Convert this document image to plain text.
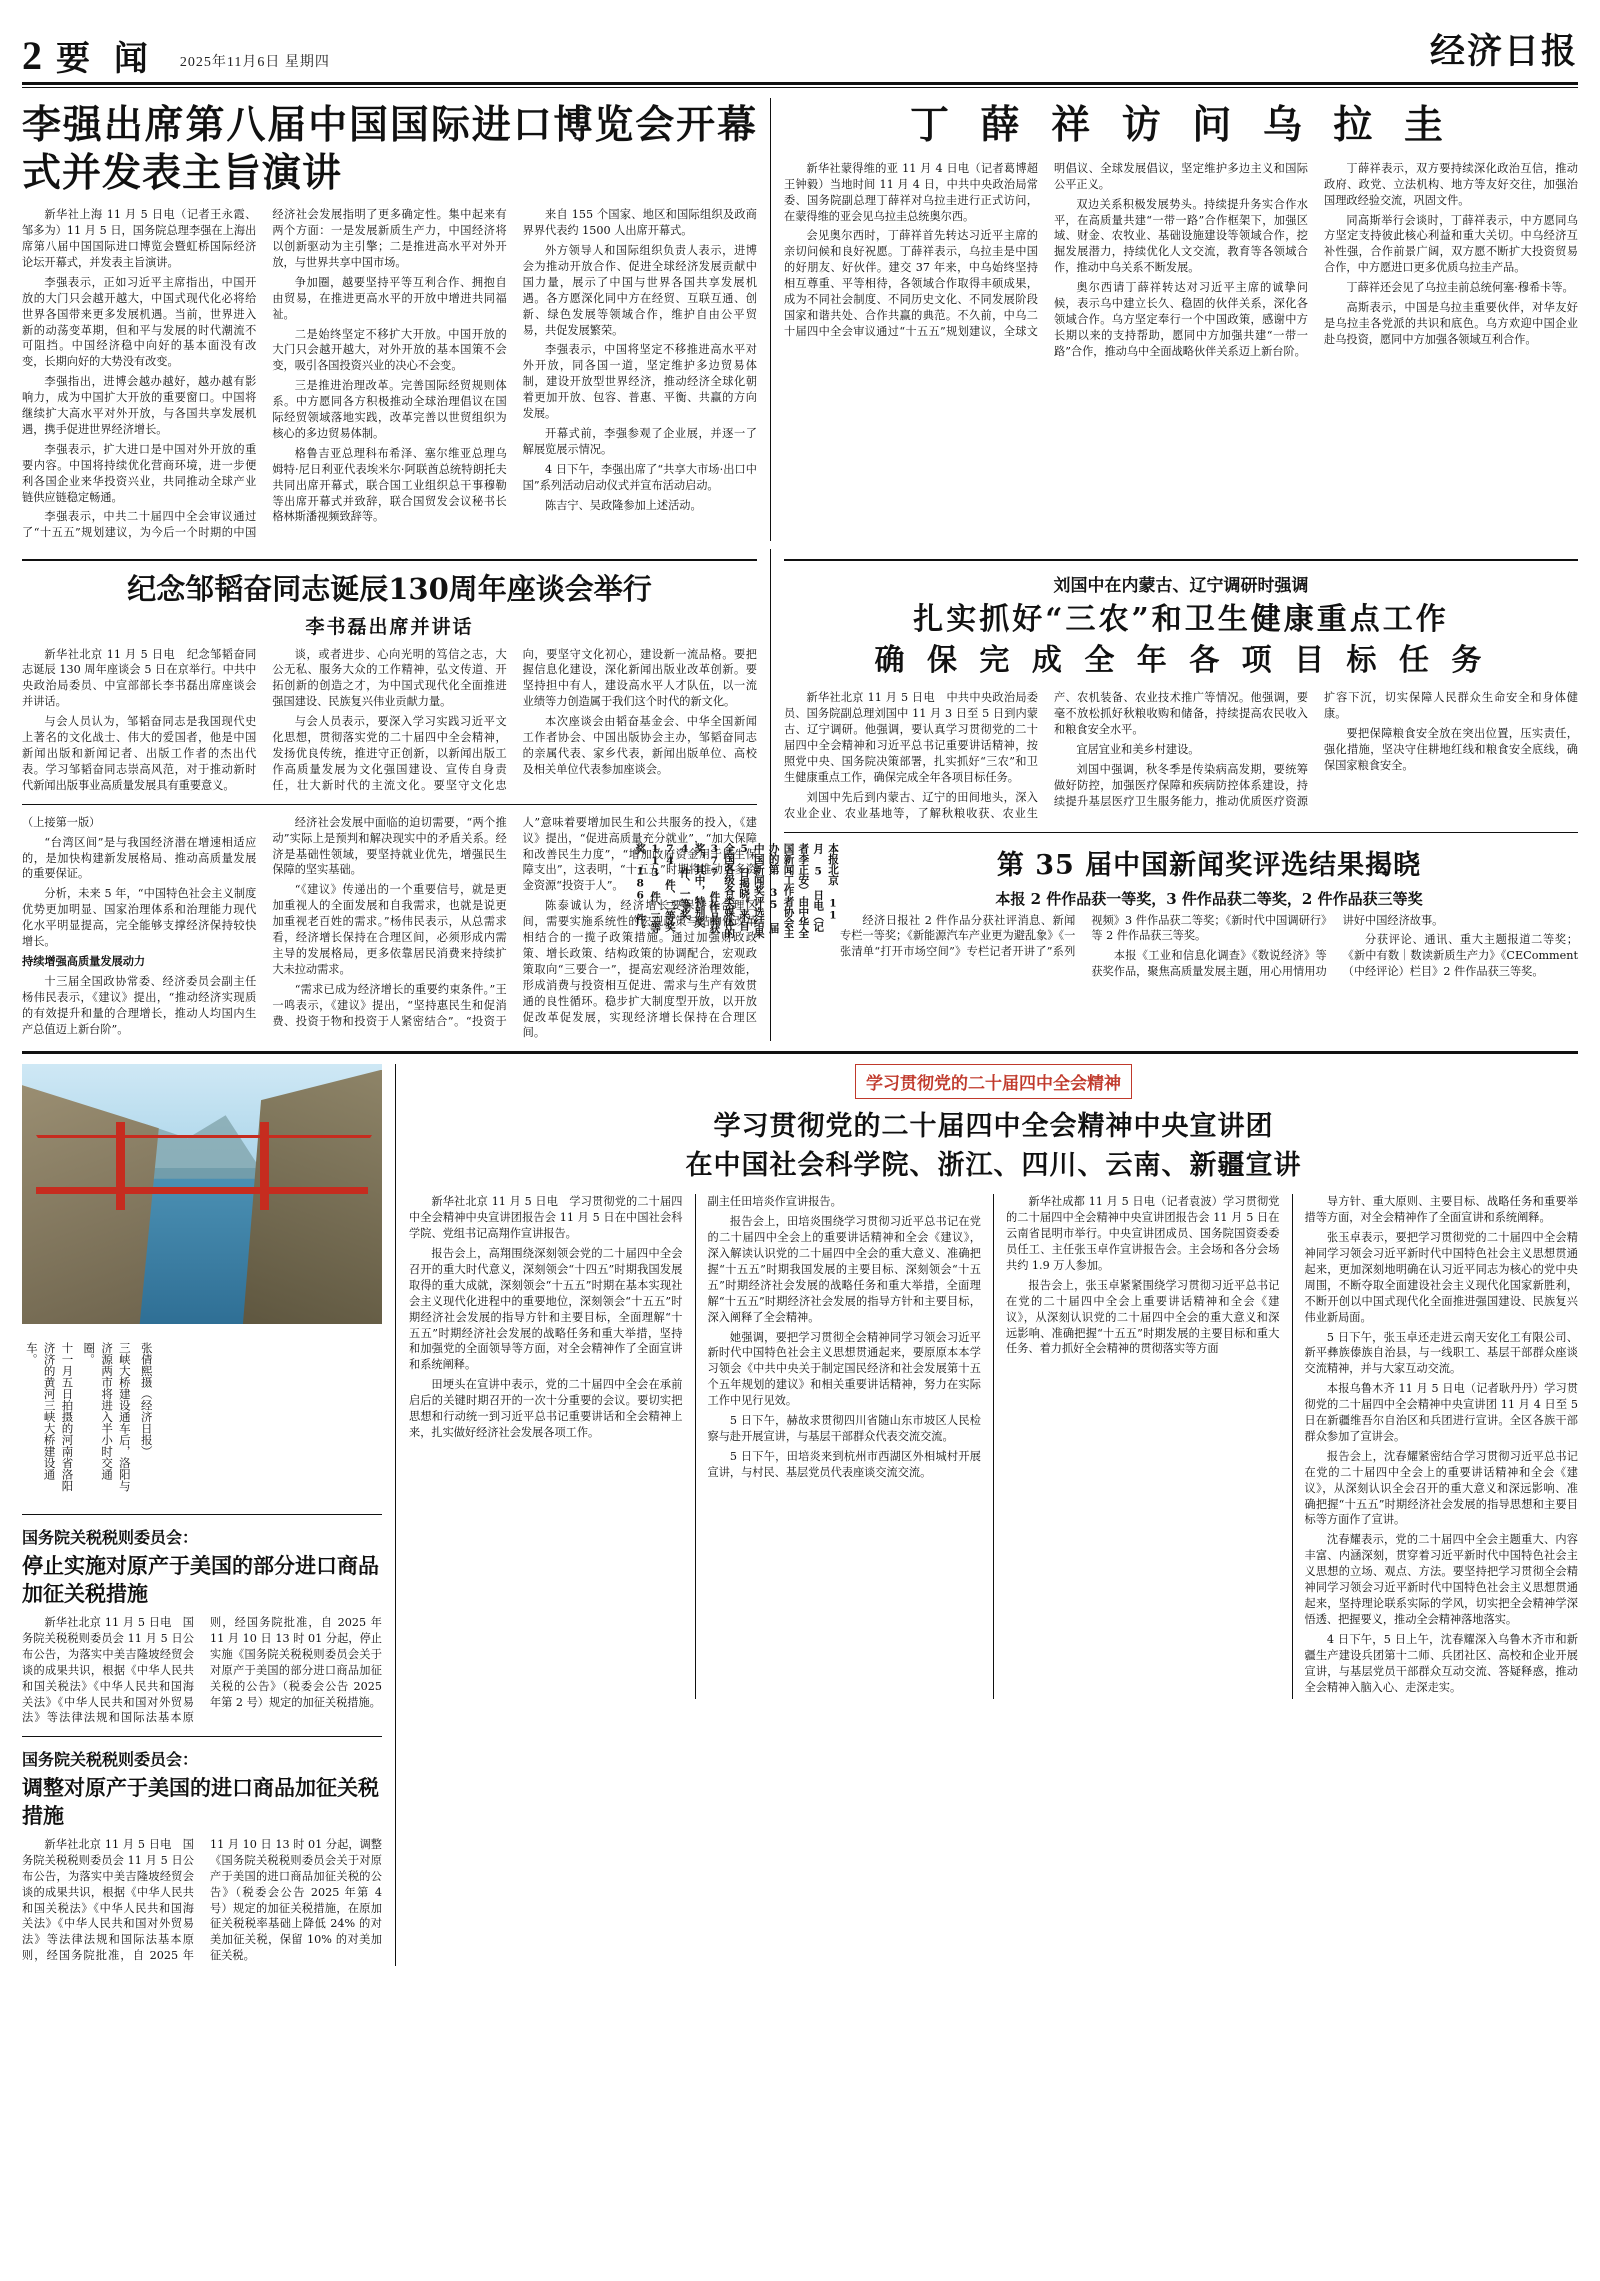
2 要 闻 2025年11月6日 星期四	经济日报
李强出席第八届中国国际进口博览会开幕式并发表主旨演讲

新华社上海 11 月 5 日电（记者王永霞、邹多为）11 月 5 日，国务院总理李强在上海出席第八届中国国际进口博览会暨虹桥国际经济论坛开幕式，并发表主旨演讲。

李强表示，正如习近平主席指出，中国开放的大门只会越开越大，中国式现代化必将给世界各国带来更多发展机遇。当前，世界进入新的动荡变革期，但和平与发展的时代潮流不可阻挡。中国经济稳中向好的基本面没有改变，长期向好的大势没有改变。

李强指出，进博会越办越好，越办越有影响力，成为中国扩大开放的重要窗口。中国将继续扩大高水平对外开放，与各国共享发展机遇，携手促进世界经济增长。

李强表示，扩大进口是中国对外开放的重要内容。中国将持续优化营商环境，进一步便利各国企业来华投资兴业，共同推动全球产业链供应链稳定畅通。

李强表示，中共二十届四中全会审议通过了“十五五”规划建议，为今后一个时期的中国经济社会发展指明了更多确定性。集中起来有两个方面：一是发展新质生产力，中国经济将以创新驱动为主引擎；二是推进高水平对外开放，与世界共享中国市场。

争加圈，越要坚持平等互利合作、拥抱自由贸易，在推进更高水平的开放中增进共同福祉。

二是始终坚定不移扩大开放。中国开放的大门只会越开越大，对外开放的基本国策不会变，吸引各国投资兴业的决心不会变。

三是推进治理改革。完善国际经贸规则体系。中方愿同各方积极推动全球治理倡议在国际经贸领域落地实践，改革完善以世贸组织为核心的多边贸易体制。

格鲁吉亚总理科布希泽、塞尔维亚总理乌姆特·尼日利亚代表埃米尔·阿联酋总统特朗托夫共同出席开幕式，联合国工业组织总干事穆勒等出席开幕式并致辞，联合国贸发会议秘书长格林斯潘视频致辞等。

来自 155 个国家、地区和国际组织及政商界界代表约 1500 人出席开幕式。

外方领导人和国际组织负责人表示，进博会为推动开放合作、促进全球经济发展贡献中国力量，展示了中国与世界各国共享发展机遇。各方愿深化同中方在经贸、互联互通、创新、绿色发展等领域合作，维护自由公平贸易，共促发展繁荣。

李强表示，中国将坚定不移推进高水平对外开放，同各国一道，坚定维护多边贸易体制，建设开放型世界经济，推动经济全球化朝着更加开放、包容、普惠、平衡、共赢的方向发展。

开幕式前，李强参观了企业展，并逐一了解展览展示情况。

4 日下午，李强出席了“共享大市场·出口中国”系列活动启动仪式并宣布活动启动。

陈吉宁、吴政隆参加上述活动。

丁 薛 祥 访 问 乌 拉 圭

新华社蒙得维的亚 11 月 4 日电（记者葛博超　王钟毅）当地时间 11 月 4 日，中共中央政治局常委、国务院副总理丁薛祥对乌拉圭进行正式访问，在蒙得维的亚会见乌拉圭总统奥尔西。

会见奥尔西时，丁薛祥首先转达习近平主席的亲切问候和良好祝愿。丁薛祥表示，乌拉圭是中国的好朋友、好伙伴。建交 37 年来，中乌始终坚持相互尊重、平等相待，各领域合作取得丰硕成果，成为不同社会制度、不同历史文化、不同发展阶段国家和谐共处、合作共赢的典范。不久前，中乌二十届四中全会审议通过“十五五”规划建议，全球文明倡议、全球发展倡议，坚定维护多边主义和国际公平正义。

双边关系积极发展势头。持续提升务实合作水平，在高质量共建“一带一路”合作框架下，加强区域、财金、农牧业、基础设施建设等领域合作，挖掘发展潜力，持续优化人文交流，教育等各领域合作，推动中乌关系不断发展。

奥尔西请丁薛祥转达对习近平主席的诚挚问候，表示乌中建立长久、稳固的伙伴关系，深化各领域合作。乌方坚定奉行一个中国政策，感谢中方长期以来的支持帮助，愿同中方加强共建“一带一路”合作，推动乌中全面战略伙伴关系迈上新台阶。

丁薛祥表示，双方要持续深化政治互信，推动政府、政党、立法机构、地方等友好交往，加强治国理政经验交流，巩固文件。

同高斯举行会谈时，丁薛祥表示，中方愿同乌方坚定支持彼此核心利益和重大关切。中乌经济互补性强，合作前景广阔，双方愿不断扩大投资贸易合作，中方愿进口更多优质乌拉圭产品。

丁薛祥还会见了乌拉圭前总统何塞·穆希卡等。

高斯表示，中国是乌拉圭重要伙伴，对华友好是乌拉圭各党派的共识和底色。乌方欢迎中国企业赴乌投资，愿同中方加强各领域互利合作。

纪念邹韬奋同志诞辰130周年座谈会举行
李书磊出席并讲话

新华社北京 11 月 5 日电　纪念邹韬奋同志诞辰 130 周年座谈会 5 日在京举行。中共中央政治局委员、中宣部部长李书磊出席座谈会并讲话。

与会人员认为，邹韬奋同志是我国现代史上著名的文化战士、伟大的爱国者，他是中国新闻出版和新闻记者、出版工作者的杰出代表。学习邹韬奋同志崇高风范，对于推动新时代新闻出版事业高质量发展具有重要意义。

谈，或者进步、心向光明的笃信之志，大公无私、服务大众的工作精神，弘文传道、开拓创新的创造之才，为中国式现代化全面推进强国建设、民族复兴伟业贡献力量。

与会人员表示，要深入学习实践习近平文化思想，贯彻落实党的二十届四中全会精神，发扬优良传统，推进守正创新，以新闻出版工作高质量发展为文化强国建设、宣传自身责任，壮大新时代的主流文化。要坚守文化忠向，要坚守文化初心，建设新一流品格。要把握信息化建设，深化新闻出版业改革创新。要坚持担中有人，建设高水平人才队伍，以一流业绩等力创造属于我们这个时代的新文化。

本次座谈会由韬奋基金会、中华全国新闻工作者协会、中国出版协会主办，邹韬奋同志的亲属代表、家乡代表，新闻出版单位、高校及相关单位代表参加座谈会。

（上接第一版）

“台湾区间”是与我国经济潜在增速相适应的，是加快构建新发展格局、推动高质量发展的重要保证。

分析，未来 5 年，“中国特色社会主义制度优势更加明显、国家治理体系和治理能力现代化水平明显提高，完全能够支撑经济保持较快增长。

持续增强高质量发展动力

十三届全国政协常委、经济委员会副主任杨伟民表示，《建议》提出，“推动经济实现质的有效提升和量的合理增长，推动人均国内生产总值迈上新台阶”。

经济社会发展中面临的迫切需要，“两个推动”实际上是预判和解决现实中的矛盾关系。经济是基础性领域，要坚持就业优先，增强民生保障的坚实基础。

“《建议》传递出的一个重要信号，就是更加重视人的全面发展和自我需求，也就是说更加重视老百姓的需求。”杨伟民表示，从总需求看，经济增长保持在合理区间，必须形成内需主导的发展格局，更多依靠居民消费来持续扩大未拉动需求。

“需求已成为经济增长的重要约束条件。”王一鸣表示，《建议》提出，“坚持惠民生和促消费、投资于物和投资于人紧密结合”。“投资于人”意味着要增加民生和公共服务的投入，《建议》提出，“促进高质量充分就业”，“加大保障和改善民生力度”，“增加政府资金用于民生保障支出”，这表明，“十五五”时期将推动更多资金资源“投资于人”。

陈泰诚认为，经济增长要保持在合理区间，需要实施系统性的宏观政策与结构性改革相结合的一揽子政策措施。通过加强财政政策、增长政策、结构政策的协调配合，宏观政策取向“三要合一”，提高宏观经济治理效能，形成消费与投资相互促进、需求与生产有效贯通的良性循环。稳步扩大制度型开放，以开放促改革促发展，实现经济增长保持在合理区间。

刘国中在内蒙古、辽宁调研时强调
扎实抓好“三农”和卫生健康重点工作
确 保 完 成 全 年 各 项 目 标 任 务

新华社北京 11 月 5 日电　中共中央政治局委员、国务院副总理刘国中 11 月 3 日至 5 日到内蒙古、辽宁调研。他强调，要认真学习贯彻党的二十届四中全会精神和习近平总书记重要讲话精神，按照党中央、国务院决策部署，扎实抓好“三农”和卫生健康重点工作，确保完成全年各项目标任务。

刘国中先后到内蒙古、辽宁的田间地头，深入农业企业、农业基地等，了解秋粮收获、农业生产、农机装备、农业技术推广等情况。他强调，要毫不放松抓好秋粮收购和储备，持续提高农民收入和粮食安全水平。

宜居宜业和美乡村建设。

刘国中强调，秋冬季是传染病高发期，要统筹做好防控，加强医疗保障和疾病防控体系建设，持续提升基层医疗卫生服务能力，推动优质医疗资源扩容下沉，切实保障人民群众生命安全和身体健康。

要把保障粮食安全放在突出位置，压实责任，强化措施，坚决守住耕地红线和粮食安全底线，确保国家粮食安全。

本报北京 11 月 5 日电（记者李正安）由中华全国新闻工作者协会主办的第 35 届中国新闻奖评选结果 5 日揭晓。来自全国各级各类媒体的 377 件作品获奖，其中，特别奖 4 件、一等奖 74 件、二等奖 113 件、三等奖 186 件。	第 35 届中国新闻奖评选结果揭晓
本报 2 件作品获一等奖，3 件作品获二等奖，2 件作品获三等奖

经济日报社 2 件作品分获社评消息、新闻专栏一等奖；《新能源汽车产业更为避乱象》《一张清单“打开市场空间”》专栏记者开讲了”系列视频》3 件作品获二等奖；《新时代中国调研行》等 2 件作品获三等奖。

本报《工业和信息化调查》《数说经济》等获奖作品，聚焦高质量发展主题，用心用情用功讲好中国经济故事。

分获评论、通讯、重大主题报道二等奖；《新中有数｜数读新质生产力》《CEComment（中经评论）栏目》2 件作品获三等奖。

十一月五日拍摄的河南省洛阳济济的黄河三峡大桥建设通车。	三峡大桥建设通车后，洛阳与济源两市将进入半小时交通圈。	张倩熙摄（经济日报）
国务院关税税则委员会：
停止实施对原产于美国的部分进口商品加征关税措施

新华社北京 11 月 5 日电　国务院关税税则委员会 11 月 5 日公布公告，为落实中美吉隆坡经贸会谈的成果共识，根据《中华人民共和国关税法》《中华人民共和国海关法》《中华人民共和国对外贸易法》等法律法规和国际法基本原则，经国务院批准，自 2025 年 11 月 10 日 13 时 01 分起，停止实施《国务院关税税则委员会关于对原产于美国的部分进口商品加征关税的公告》（税委会公告 2025 年第 2 号）规定的加征关税措施。

国务院关税税则委员会：
调整对原产于美国的进口商品加征关税措施

新华社北京 11 月 5 日电　国务院关税税则委员会 11 月 5 日公布公告，为落实中美吉隆坡经贸会谈的成果共识，根据《中华人民共和国关税法》《中华人民共和国海关法》《中华人民共和国对外贸易法》等法律法规和国际法基本原则，经国务院批准，自 2025 年 11 月 10 日 13 时 01 分起，调整《国务院关税税则委员会关于对原产于美国的进口商品加征关税的公告》（税委会公告 2025 年第 4 号）规定的加征关税措施，在原加征关税税率基础上降低 24% 的对美加征关税，保留 10% 的对美加征关税。

学习贯彻党的二十届四中全会精神
学习贯彻党的二十届四中全会精神中央宣讲团
在中国社会科学院、浙江、四川、云南、新疆宣讲

新华社北京 11 月 5 日电　学习贯彻党的二十届四中全会精神中央宣讲团报告会 11 月 5 日在中国社会科学院、党组书记高翔作宣讲报告。

报告会上，高翔围绕深刻领会党的二十届四中全会召开的重大时代意义，深刻领会“十四五”时期我国发展取得的重大成就，深刻领会“十五五”时期在基本实现社会主义现代化进程中的重要地位，深刻领会“十五五”时期经济社会发展的指导方针和主要目标，全面理解“十五五”时期经济社会发展的战略任务和重大举措，坚持和加强党的全面领导等方面，对全会精神作了全面宣讲和系统阐释。

田埂头在宣讲中表示，党的二十届四中全会在承前启后的关键时期召开的一次十分重要的会议。要切实把思想和行动统一到习近平总书记重要讲话和全会精神上来，扎实做好经济社会发展各项工作。

副主任田培炎作宣讲报告。

报告会上，田培炎围绕学习贯彻习近平总书记在党的二十届四中全会上的重要讲话精神和全会《建议》，深入解读认识党的二十届四中全会的重大意义、准确把握“十五五”时期我国发展的主要目标、深刻领会“十五五”时期经济社会发展的战略任务和重大举措，全面理解“十五五”时期经济社会发展的指导方针和主要目标，深入阐释了全会精神。

她强调，要把学习贯彻全会精神同学习领会习近平新时代中国特色社会主义思想贯通起来，要原原本本学习领会《中共中央关于制定国民经济和社会发展第十五个五年规划的建议》和相关重要讲话精神，努力在实际工作中见行见效。

5 日下午，赫故求贯彻四川省随山东市坡区人民检察与赴开展宣讲，与基层干部群众代表交流交流。

5 日下午，田培炎来到杭州市西湖区外相城村开展宣讲，与村民、基层党员代表座谈交流交流。

新华社成都 11 月 5 日电（记者袁波）学习贯彻党的二十届四中全会精神中央宣讲团报告会 11 月 5 日在云南省昆明市举行。中央宣讲团成员、国务院国资委委员任工、主任张玉卓作宣讲报告会。主会场和各分会场共约 1.9 万人参加。

报告会上，张玉卓紧紧围绕学习贯彻习近平总书记在党的二十届四中全会上重要讲话精神和全会《建议》，从深刻认识党的二十届四中全会的重大意义和深远影响、准确把握“十五五”时期发展的主要目标和重大任务、着力抓好全会精神的贯彻落实等方面

导方针、重大原则、主要目标、战略任务和重要举措等方面，对全会精神作了全面宣讲和系统阐释。

张玉卓表示，要把学习贯彻党的二十届四中全会精神同学习领会习近平新时代中国特色社会主义思想贯通起来，更加深刻地明确在认习近平同志为核心的党中央周围，不断夺取全面建设社会主义现代化国家新胜利，不断开创以中国式现代化全面推进强国建设、民族复兴伟业新局面。

5 日下午，张玉卓还走进云南天安化工有限公司、新平彝族傣族自治县，与一线职工、基层干部群众座谈交流精神，并与大家互动交流。

本报乌鲁木齐 11 月 5 日电（记者耿丹丹）学习贯彻党的二十届四中全会精神中央宣讲团 11 月 4 日至 5 日在新疆维吾尔自治区和兵团进行宣讲。全区各族干部群众参加了宣讲会。

报告会上，沈春耀紧密结合学习贯彻习近平总书记在党的二十届四中全会上的重要讲话精神和全会《建议》，从深刻认识全会召开的重大意义和深远影响、准确把握“十五五”时期经济社会发展的指导思想和主要目标等方面作了宣讲。

沈春耀表示，党的二十届四中全会主题重大、内容丰富、内涵深刻，贯穿着习近平新时代中国特色社会主义思想的立场、观点、方法。要坚持把学习贯彻全会精神同学习领会习近平新时代中国特色社会主义思想贯通起来，坚持理论联系实际的学风，切实把全会精神学深悟透、把握要义，推动全会精神落地落实。

4 日下午，5 日上午，沈春耀深入乌鲁木齐市和新疆生产建设兵团第十二师、兵团社区、高校和企业开展宣讲，与基层党员干部群众互动交流、答疑释惑，推动全会精神入脑入心、走深走实。
